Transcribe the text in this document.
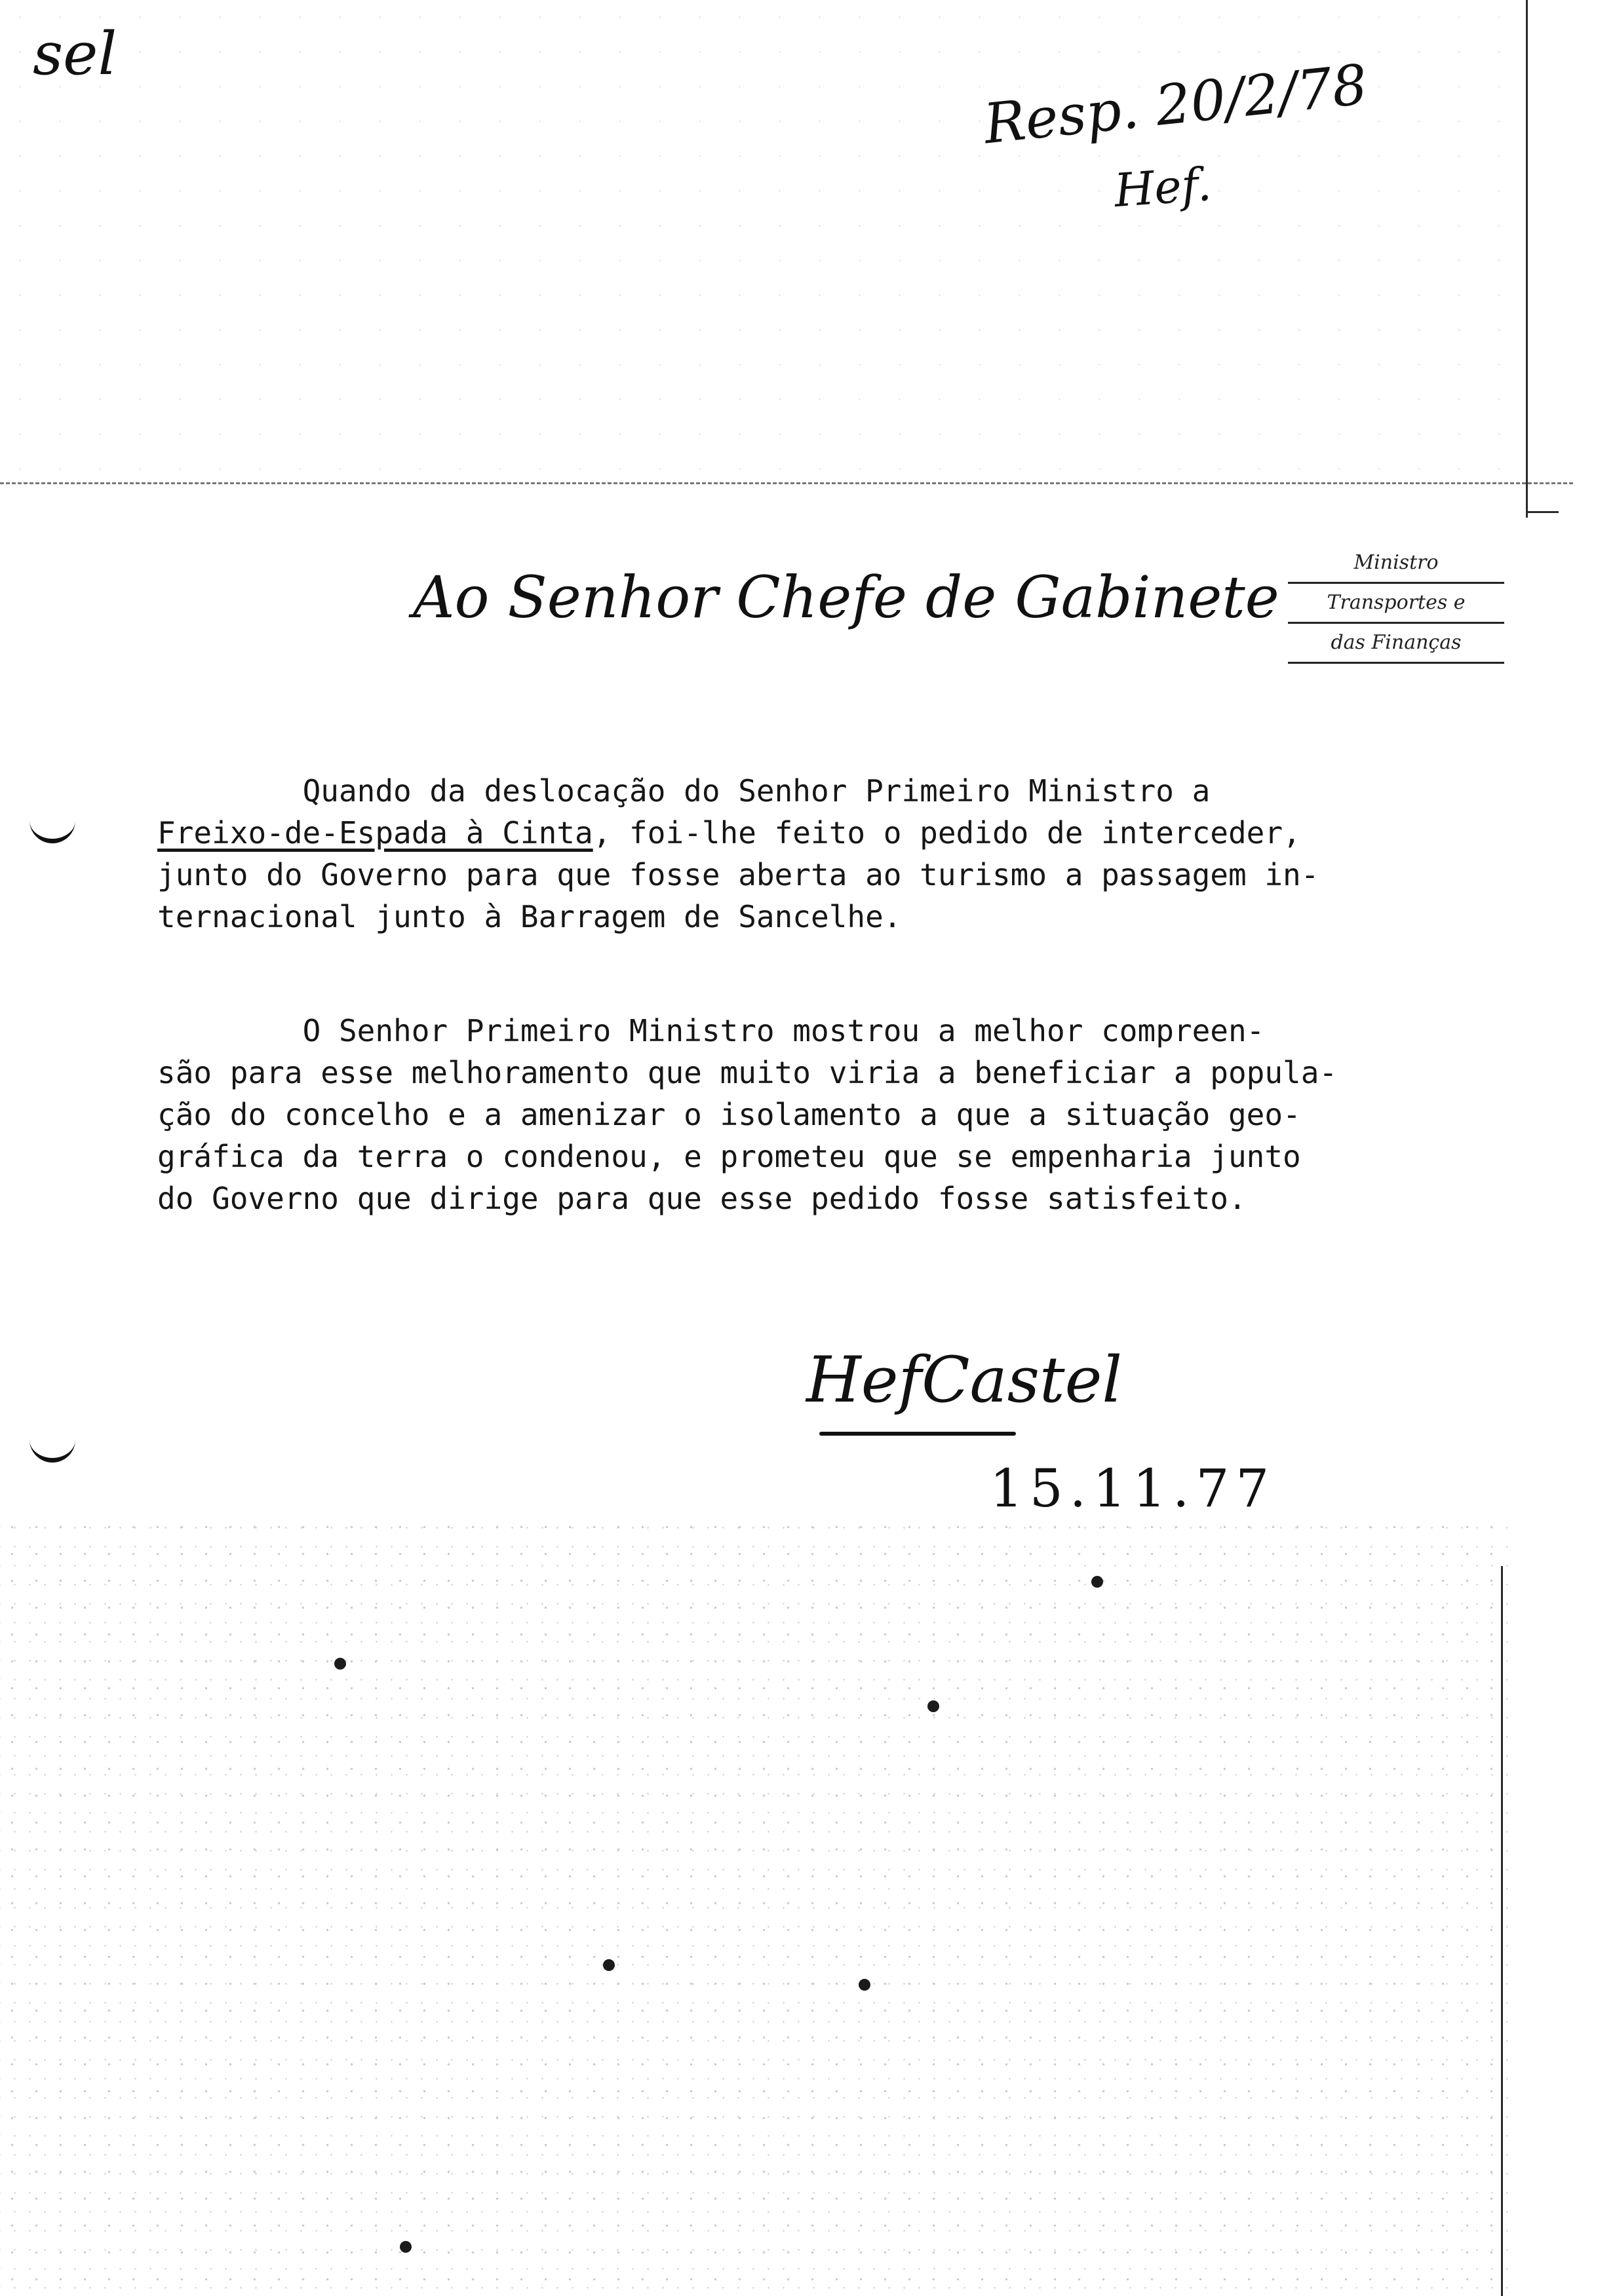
sel	Resp. 20/2/78
Hef.
Ao Senhor Chefe de Gabinete
Ministro
Transportes e
das Finanças

Quando da deslocação do Senhor Primeiro Ministro a
Freixo-de-Espada à Cinta, foi-lhe feito o pedido de interceder,
junto do Governo para que fosse aberta ao turismo a passagem in-
ternacional junto à Barragem de Sancelhe.

O Senhor Primeiro Ministro mostrou a melhor compreen-
são para esse melhoramento que muito viria a beneficiar a popula-
ção do concelho e a amenizar o isolamento a que a situação geo-
gráfica da terra o condenou, e prometeu que se empenharia junto
do Governo que dirige para que esse pedido fosse satisfeito.

HefCastel
15.11.77
